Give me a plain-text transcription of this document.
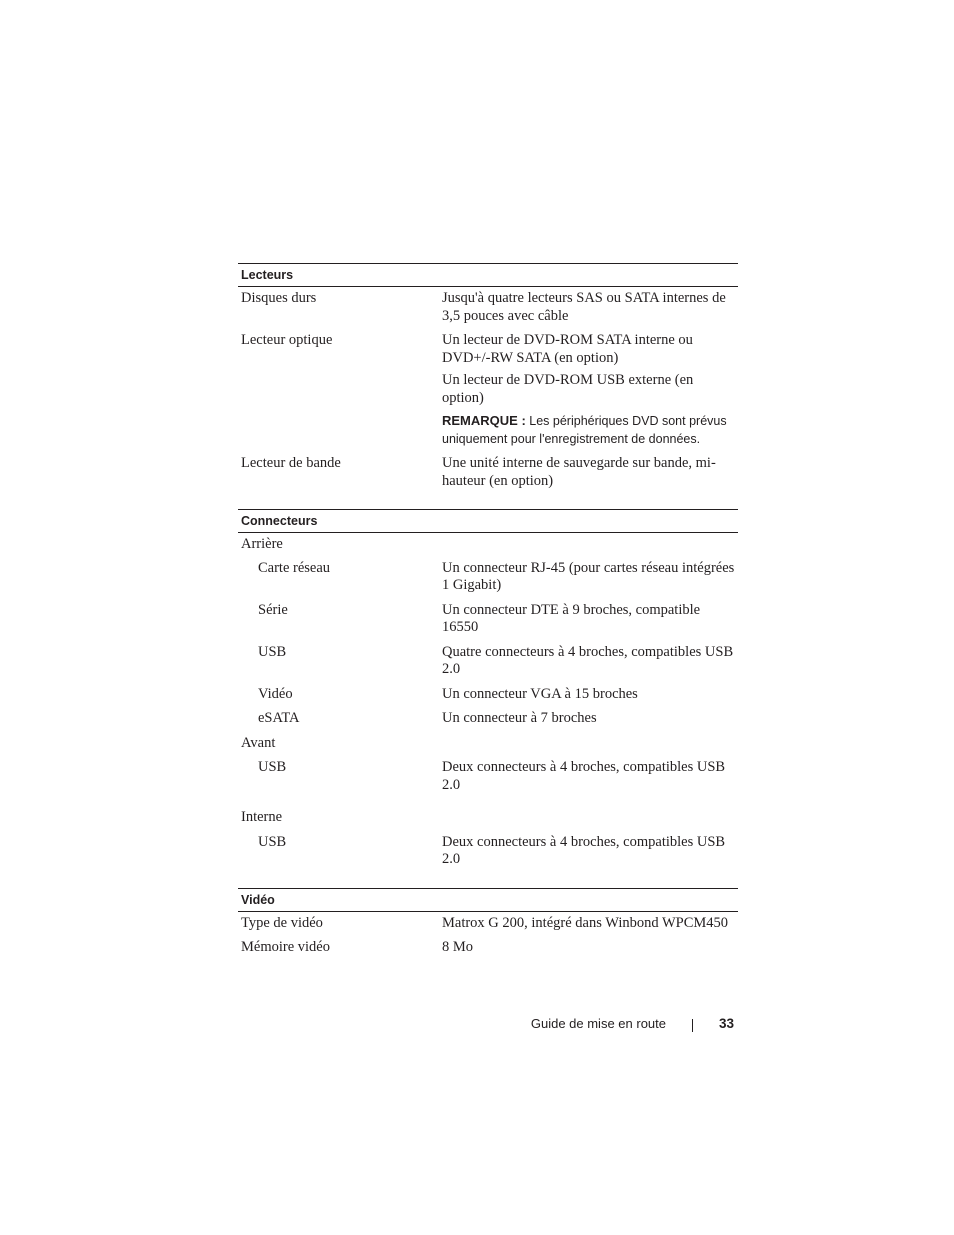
Lecteurs
Disques durs	Jusqu'à quatre lecteurs SAS ou SATA internes de 3,5 pouces avec câble
Lecteur optique	Un lecteur de DVD-ROM SATA interne ou DVD+/-RW SATA (en option)
Un lecteur de DVD-ROM USB externe (en option)
REMARQUE : Les périphériques DVD sont prévus uniquement pour l'enregistrement de données.
Lecteur de bande	Une unité interne de sauvegarde sur bande, mi-hauteur (en option)
Connecteurs
Arrière
Carte réseau	Un connecteur RJ-45 (pour cartes réseau intégrées 1 Gigabit)
Série	Un connecteur DTE à 9 broches, compatible 16550
USB	Quatre connecteurs à 4 broches, compatibles USB 2.0
Vidéo	Un connecteur VGA à 15 broches
eSATA	Un connecteur à 7 broches
Avant
USB	Deux connecteurs à 4 broches, compatibles USB 2.0
Interne
USB	Deux connecteurs à 4 broches, compatibles USB 2.0
Vidéo
Type de vidéo	Matrox G 200, intégré dans Winbond WPCM450
Mémoire vidéo	8 Mo
Guide de mise en route	33
